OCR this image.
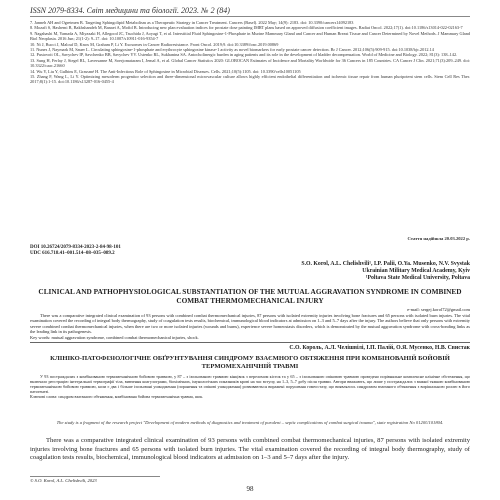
ISSN 2079-8334. Світ медицини та біології. 2023. № 2 (84)

7. Janneh AH and Ogretmen B. Targeting Sphingolipid Metabolism as a Therapeutic Strategy in Cancer Treatment. Cancers (Basel). 2022 May; 14(9): 2183. doi: 10.3390/cancers14092183

8. Mozafi S, Hashemi B, Bakhshandeh M, Banaei A, Mofid B. Introducing new plan evaluation indices for prostate dose painting IMRT plans based on approved diffusion coefficient images. Radiat Oncol. 2022;17(1). doi:10.1186/s13014-022-02163-7

9. Nagahashi M, Yamada A, Miyazaki H, Allegood JC, Tsuchida J, Aoyagi T, et al. Interstitial Fluid Sphingosine-1-Phosphate in Murine Mammary Gland and Cancer and Human Breast Tissue and Cancer Determined by Novel Methods. J Mammary Gland Biol Neoplasia. 2016 Jun; 21(1-2): 9–17. doi: 10.1007/s10911-016-9354-7

10. Ni J, Bucci J, Malouf D, Knox M, Graham P, Li Y. Exosomes in Cancer Radioresistance. Front Oncol. 2019;9. doi:10.3389/fonc.2019.00869

11. Nunes J, Naymark M, Sauer L. Circulating sphingosine-1-phosphate and erythrocyte sphingosine kinase-1 activity as novel biomarkers for early prostate cancer detection. Br J Cancer. 2012;106(5):909-915. doi:10.1038/bjc.2012.14

12. Pustovoit OL, Savychev IP, Savchenko BB, Savychev YV. Ustenko RL, Sukhanina SA. Antocholinergic burden in aging patients and its role in the development of bladder decompensation. World of Medicine and Biology. 2022; 81(3): 138–142.

13. Sung H, Ferlay J, Siegel RL, Laversanne M, Soerjomataram I, Jemal A, et al. Global Cancer Statistics 2020: GLOBOCAN Estimates of Incidence and Mortality Worldwide for 36 Cancers in 185 Countries. CA Cancer J Clin. 2021;71(3):209–249. doi: 10.3322/caac.21660

14. Wu Y, Liu Y, Gulbins E, Grassmé H. The Anti-Infectious Role of Sphingosine in Microbial Diseases. Cells. 2021;10(5):1105. doi: 10.3390/cells10051105

15. Zhang F, Wang L, Li Y. Optimizing mesoderm progenitor selection and three-dimensional microvascular culture allows highly efficient endothelial differentiation and ischemic tissue repair from human pluripotent stem cells. Stem Cell Res Ther. 2017;8(1):1-15. doi:10.1186/s13287-016-0455-4

Стаття надійшла 20.03.2022 р.
DOI 10.26724/2079-8334-2023-2-84-98-101
UDC 616.718.41–001.514–08–035–089.2
S.O. Korol, A.L. Chelishvili¹, I.P. Palii, O.Ya. Musenko, N.V. Svystak
Ukrainian Military Medical Academy, Kyiv
¹Poltava State Medical University, Poltava
CLINICAL AND PATHOPHYSIOLOGICAL SUBSTANTIATION OF THE MUTUAL AGGRAVATION SYNDROME IN COMBINED COMBAT THERMOMECHANICAL INJURY
e-mail: sergej.korol72@gmail.com
There was a comparative integrated clinical examination of 93 persons with combined combat thermomechanical injuries, 87 persons with isolated extremity injuries involving bone fractures and 65 persons with isolated burn injuries. The vital examination covered the recording of integral body thermography, study of coagulation tests results, biochemical, immunological blood indicators at admission on 1–3 and 5–7 days after the injury. The authors believe that only persons with extremity severe combined combat thermomechanical injuries, when there are two or more isolated injuries (wounds and burns), experience severe homeostasis disorders, which is demonstrated by the mutual aggravation syndrome with cross-bonding links as the leading link in its pathogenesis.
Key words: mutual aggravation syndrome, combined combat thermomechanical injuries, shock.
С.О. Король, А.Л. Челішвілі, І.П. Палій, О.Я. Мусенко, Н.В. Свистак
КЛІНІКО-ПАТОФІЗІОЛОГІЧНЕ ОБҐРУНТУВАННЯ СИНДРОМУ ВЗАЄМНОГО ОБТЯЖЕННЯ ПРИ КОМБІНОВАНІЙ БОЙОВІЙ ТЕРМОМЕХАНІЧНІЙ ТРАВМІ
У 93 постраждалих з комбінованою термомеханічною бойовою травмою, у 87 – з ізольованою травмою кінцівок з переломом кісток та у 65 – з ізольованою опіковою травмою проведено порівняльне комплексне клінічне обстеження, що включало реєстрацію інтегральної термографії тіла, вивчення коагулограми, біохімічних, імунологічних показників крові на час вступу, на 1–3, 5–7 добу після травми. Автори вважають, що лише у постраждалих з важкої тяжкою комбінованою термомеханічною бойовою травмою, коли є два і більше ізольовані ушкодження (поранення та опікові ушкодження) розвиваються виражені порушення гомеостазу, що виявлялось синдромом взаємного обтяження з вирішальною роллю в його патогенезі.
Ключові слова: синдром взаємного обтяження, комбінована бойова термомеханічна травма, шок.
The study is a fragment of the research project "Development of modern methods of diagnostics and treatment of purulent – septic complications of combat surgical trauma", state registration No 0120U101804.
There was a comparative integrated clinical examination of 93 persons with combined combat thermomechanical injuries, 87 persons with isolated extremity injuries involving bone fractures and 65 persons with isolated burn injuries. The vital examination covered the recording of integral body thermography, study of coagulation tests results, biochemical, immunological blood indicators at admission on 1–3 and 5–7 days after the injury.
© S.O. Korol, A.L. Chelishvili, 2023
98
